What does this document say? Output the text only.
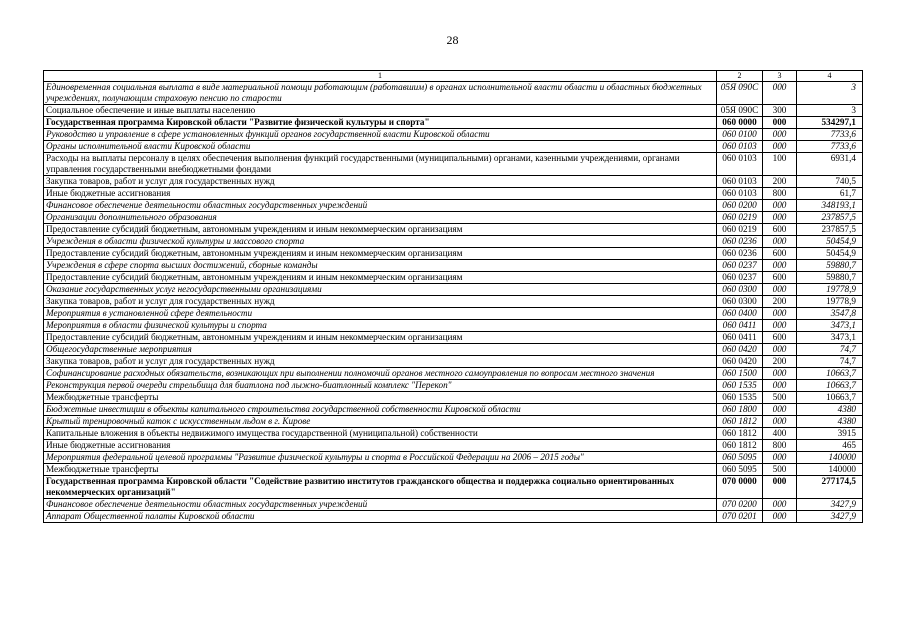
28
1	2	3	4
Единовременная социальная выплата в виде материальной помощи работающим (работавшим) в органах исполнительной власти области и областных бюджетных учреждениях, получающим страховую пенсию по старости	05Я 090С	000	3
Социальное обеспечение и иные выплаты населению	05Я 090С	300	3
Государственная программа Кировской области "Развитие физической культуры и спорта"	060 0000	000	534297,1
Руководство и управление в сфере установленных функций органов государственной власти Кировской области	060 0100	000	7733,6
Органы исполнительной власти Кировской области	060 0103	000	7733,6
Расходы на выплаты персоналу в целях обеспечения выполнения функций государственными (муниципальными) органами, казенными учреждениями, органами управления государственными внебюджетными фондами	060 0103	100	6931,4
Закупка товаров, работ и услуг для государственных нужд	060 0103	200	740,5
Иные бюджетные ассигнования	060 0103	800	61,7
Финансовое обеспечение деятельности областных государственных учреждений	060 0200	000	348193,1
Организации дополнительного образования	060 0219	000	237857,5
Предоставление субсидий бюджетным, автономным учреждениям и иным некоммерческим организациям	060 0219	600	237857,5
Учреждения в области физической культуры и массового спорта	060 0236	000	50454,9
Предоставление субсидий бюджетным, автономным учреждениям и иным некоммерческим организациям	060 0236	600	50454,9
Учреждения в сфере спорта высших достижений, сборные команды	060 0237	000	59880,7
Предоставление субсидий бюджетным, автономным учреждениям и иным некоммерческим организациям	060 0237	600	59880,7
Оказание государственных услуг негосударственными организациями	060 0300	000	19778,9
Закупка товаров, работ и услуг для государственных нужд	060 0300	200	19778,9
Мероприятия в установленной сфере деятельности	060 0400	000	3547,8
Мероприятия в области физической культуры и спорта	060 0411	000	3473,1
Предоставление субсидий бюджетным, автономным учреждениям и иным некоммерческим организациям	060 0411	600	3473,1
Общегосударственные мероприятия	060 0420	000	74,7
Закупка товаров, работ и услуг для государственных нужд	060 0420	200	74,7
Софинансирование расходных обязательств, возникающих при выполнении полномочий органов местного самоуправления по вопросам местного значения	060 1500	000	10663,7
Реконструкция первой очереди стрельбища для биатлона под лыжно-биатлонный комплекс "Перекоп"	060 1535	000	10663,7
Межбюджетные трансферты	060 1535	500	10663,7
Бюджетные инвестиции в объекты капитального строительства государственной собственности Кировской области	060 1800	000	4380
Крытый тренировочный каток с искусственным льдом в г. Кирове	060 1812	000	4380
Капитальные вложения в объекты недвижимого имущества государственной (муниципальной) собственности	060 1812	400	3915
Иные бюджетные ассигнования	060 1812	800	465
Мероприятия федеральной целевой программы "Развитие физической культуры и спорта в Российской Федерации на 2006 – 2015 годы"	060 5095	000	140000
Межбюджетные трансферты	060 5095	500	140000
Государственная программа Кировской области "Содействие развитию институтов гражданского общества и поддержка социально ориентированных некоммерческих организаций"	070 0000	000	277174,5
Финансовое обеспечение деятельности областных государственных учреждений	070 0200	000	3427,9
Аппарат Общественной палаты Кировской области	070 0201	000	3427,9
